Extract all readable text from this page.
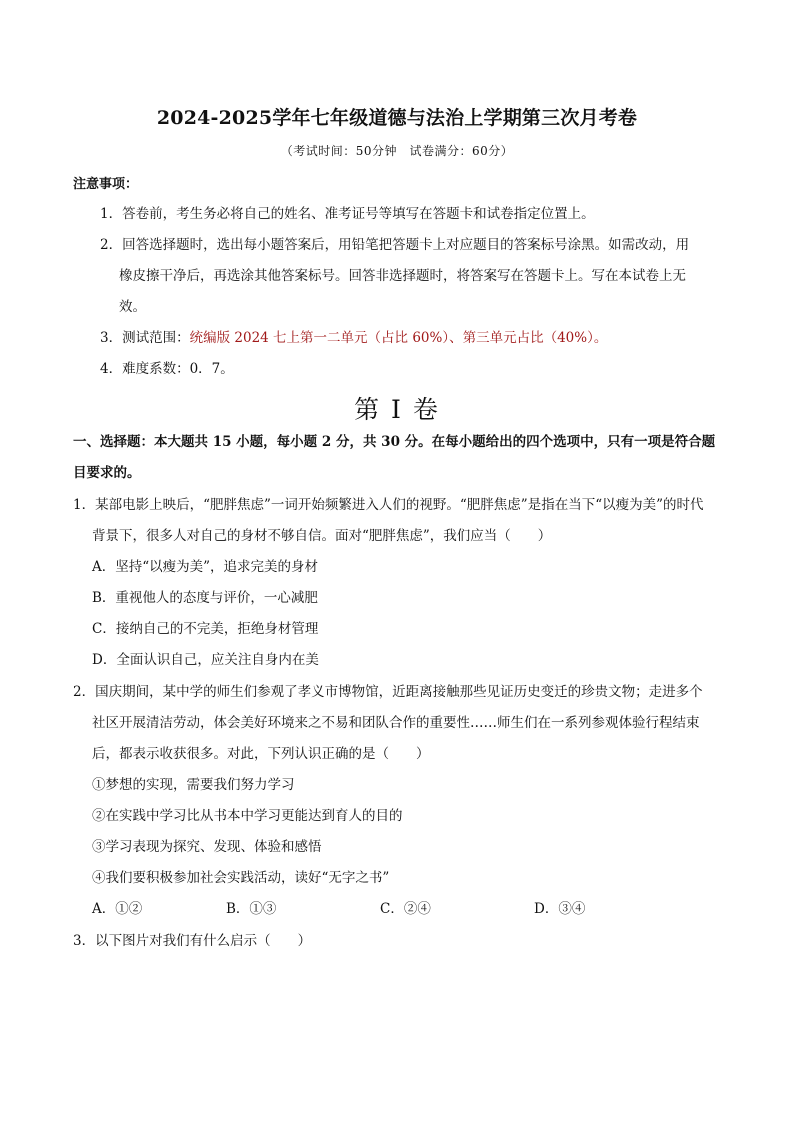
2024-2025学年七年级道德与法治上学期第三次月考卷
（考试时间：50分钟　试卷满分：60分）
注意事项：
1．答卷前，考生务必将自己的姓名、准考证号等填写在答题卡和试卷指定位置上。
2．回答选择题时，选出每小题答案后，用铅笔把答题卡上对应题目的答案标号涂黑。如需改动，用
橡皮擦干净后，再选涂其他答案标号。回答非选择题时，将答案写在答题卡上。写在本试卷上无
效。
3．测试范围：统编版 2024 七上第一二单元（占比 60%）、第三单元占比（40%）。
4．难度系数：0．7。
第 I 卷
一、选择题：本大题共 15 小题，每小题 2 分，共 30 分。在每小题给出的四个选项中，只有一项是符合题
目要求的。
1．某部电影上映后，“肥胖焦虑”一词开始频繁进入人们的视野。“肥胖焦虑”是指在当下“以瘦为美”的时代
背景下，很多人对自己的身材不够自信。面对“肥胖焦虑”，我们应当（　　）
A．坚持“以瘦为美”，追求完美的身材
B．重视他人的态度与评价，一心减肥
C．接纳自己的不完美，拒绝身材管理
D．全面认识自己，应关注自身内在美
2．国庆期间，某中学的师生们参观了孝义市博物馆，近距离接触那些见证历史变迁的珍贵文物；走进多个
社区开展清洁劳动，体会美好环境来之不易和团队合作的重要性……师生们在一系列参观体验行程结束
后，都表示收获很多。对此，下列认识正确的是（　　）
①梦想的实现，需要我们努力学习
②在实践中学习比从书本中学习更能达到育人的目的
③学习表现为探究、发现、体验和感悟
④我们要积极参加社会实践活动，读好“无字之书”
A．①②	B．①③	C．②④	D．③④
3．以下图片对我们有什么启示（　　）
